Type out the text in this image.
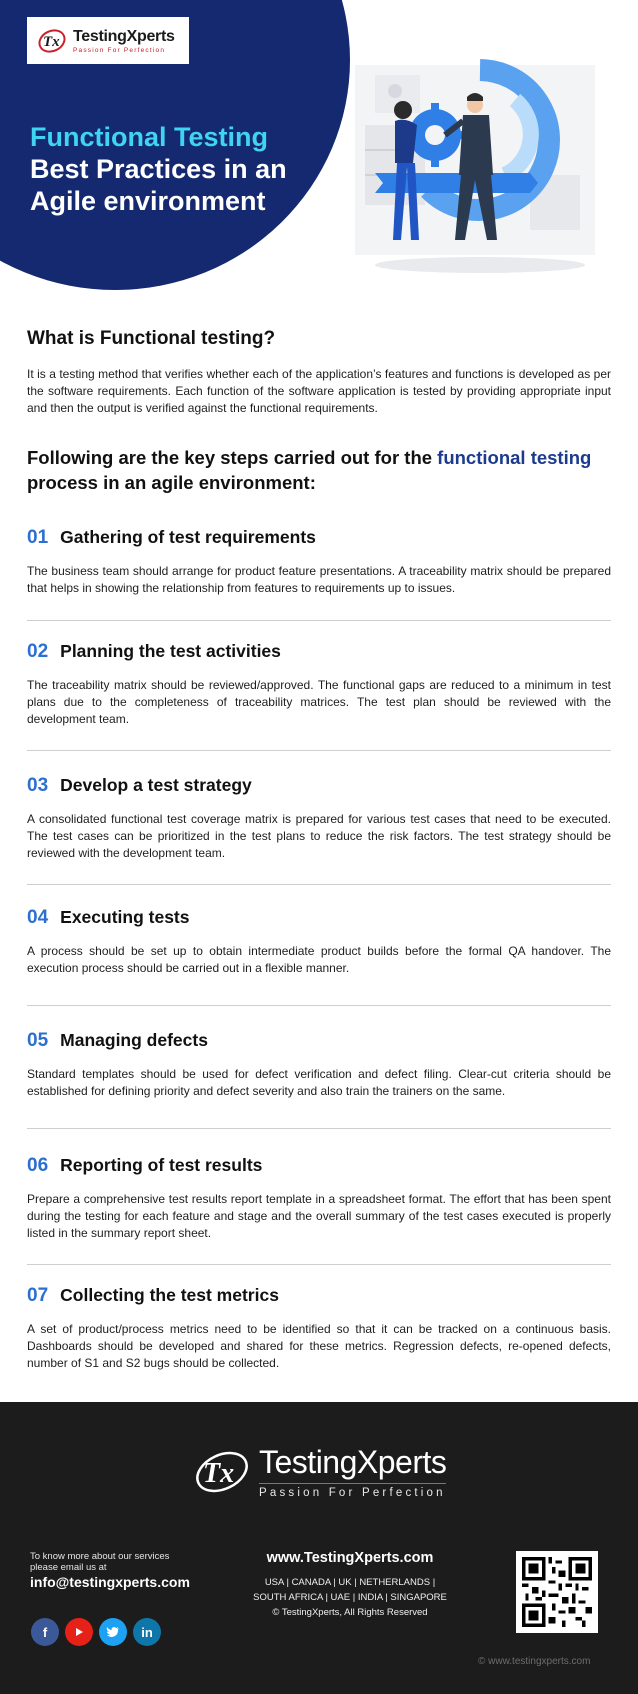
Tx TestingXperts
Passion For Perfection
Functional Testing
Best Practices in an
Agile environment
What is Functional testing?

It is a testing method that verifies whether each of the application’s features and functions is developed as per the software requirements. Each function of the software application is tested by providing appropriate input and then the output is verified against the functional requirements.

Following are the key steps carried out for the functional testing
process in an agile environment:
01 Gathering of test requirements

The business team should arrange for product feature presentations. A traceability matrix should be prepared that helps in showing the relationship from features to requirements up to issues.

02 Planning the test activities

The traceability matrix should be reviewed/approved. The functional gaps are reduced to a minimum in test plans due to the completeness of traceability matrices. The test plan should be reviewed with the development team.

03 Develop a test strategy

A consolidated functional test coverage matrix is prepared for various test cases that need to be executed. The test cases can be prioritized in the test plans to reduce the risk factors. The test strategy should be reviewed with the development team.

04 Executing tests

A process should be set up to obtain intermediate product builds before the formal QA handover. The execution process should be carried out in a flexible manner.

05 Managing defects

Standard templates should be used for defect verification and defect filing. Clear-cut criteria should be established for defining priority and defect severity and also train the trainers on the same.

06 Reporting of test results

Prepare a comprehensive test results report template in a spreadsheet format. The effort that has been spent during the testing for each feature and stage and the overall summary of the test cases executed is properly listed in the summary report sheet.

07 Collecting the test metrics

A set of product/process metrics need to be identified so that it can be tracked on a continuous basis. Dashboards should be developed and shared for these metrics. Regression defects, re-opened defects, number of S1 and S2 bugs should be collected.

Tx TestingXperts
Passion For Perfection
To know more about our services
please email us at
info@testingxperts.com
www.TestingXperts.com
USA | CANADA | UK | NETHERLANDS |
SOUTH AFRICA | UAE | INDIA | SINGAPORE
© TestingXperts, All Rights Reserved
f	in
© www.testingxperts.com
